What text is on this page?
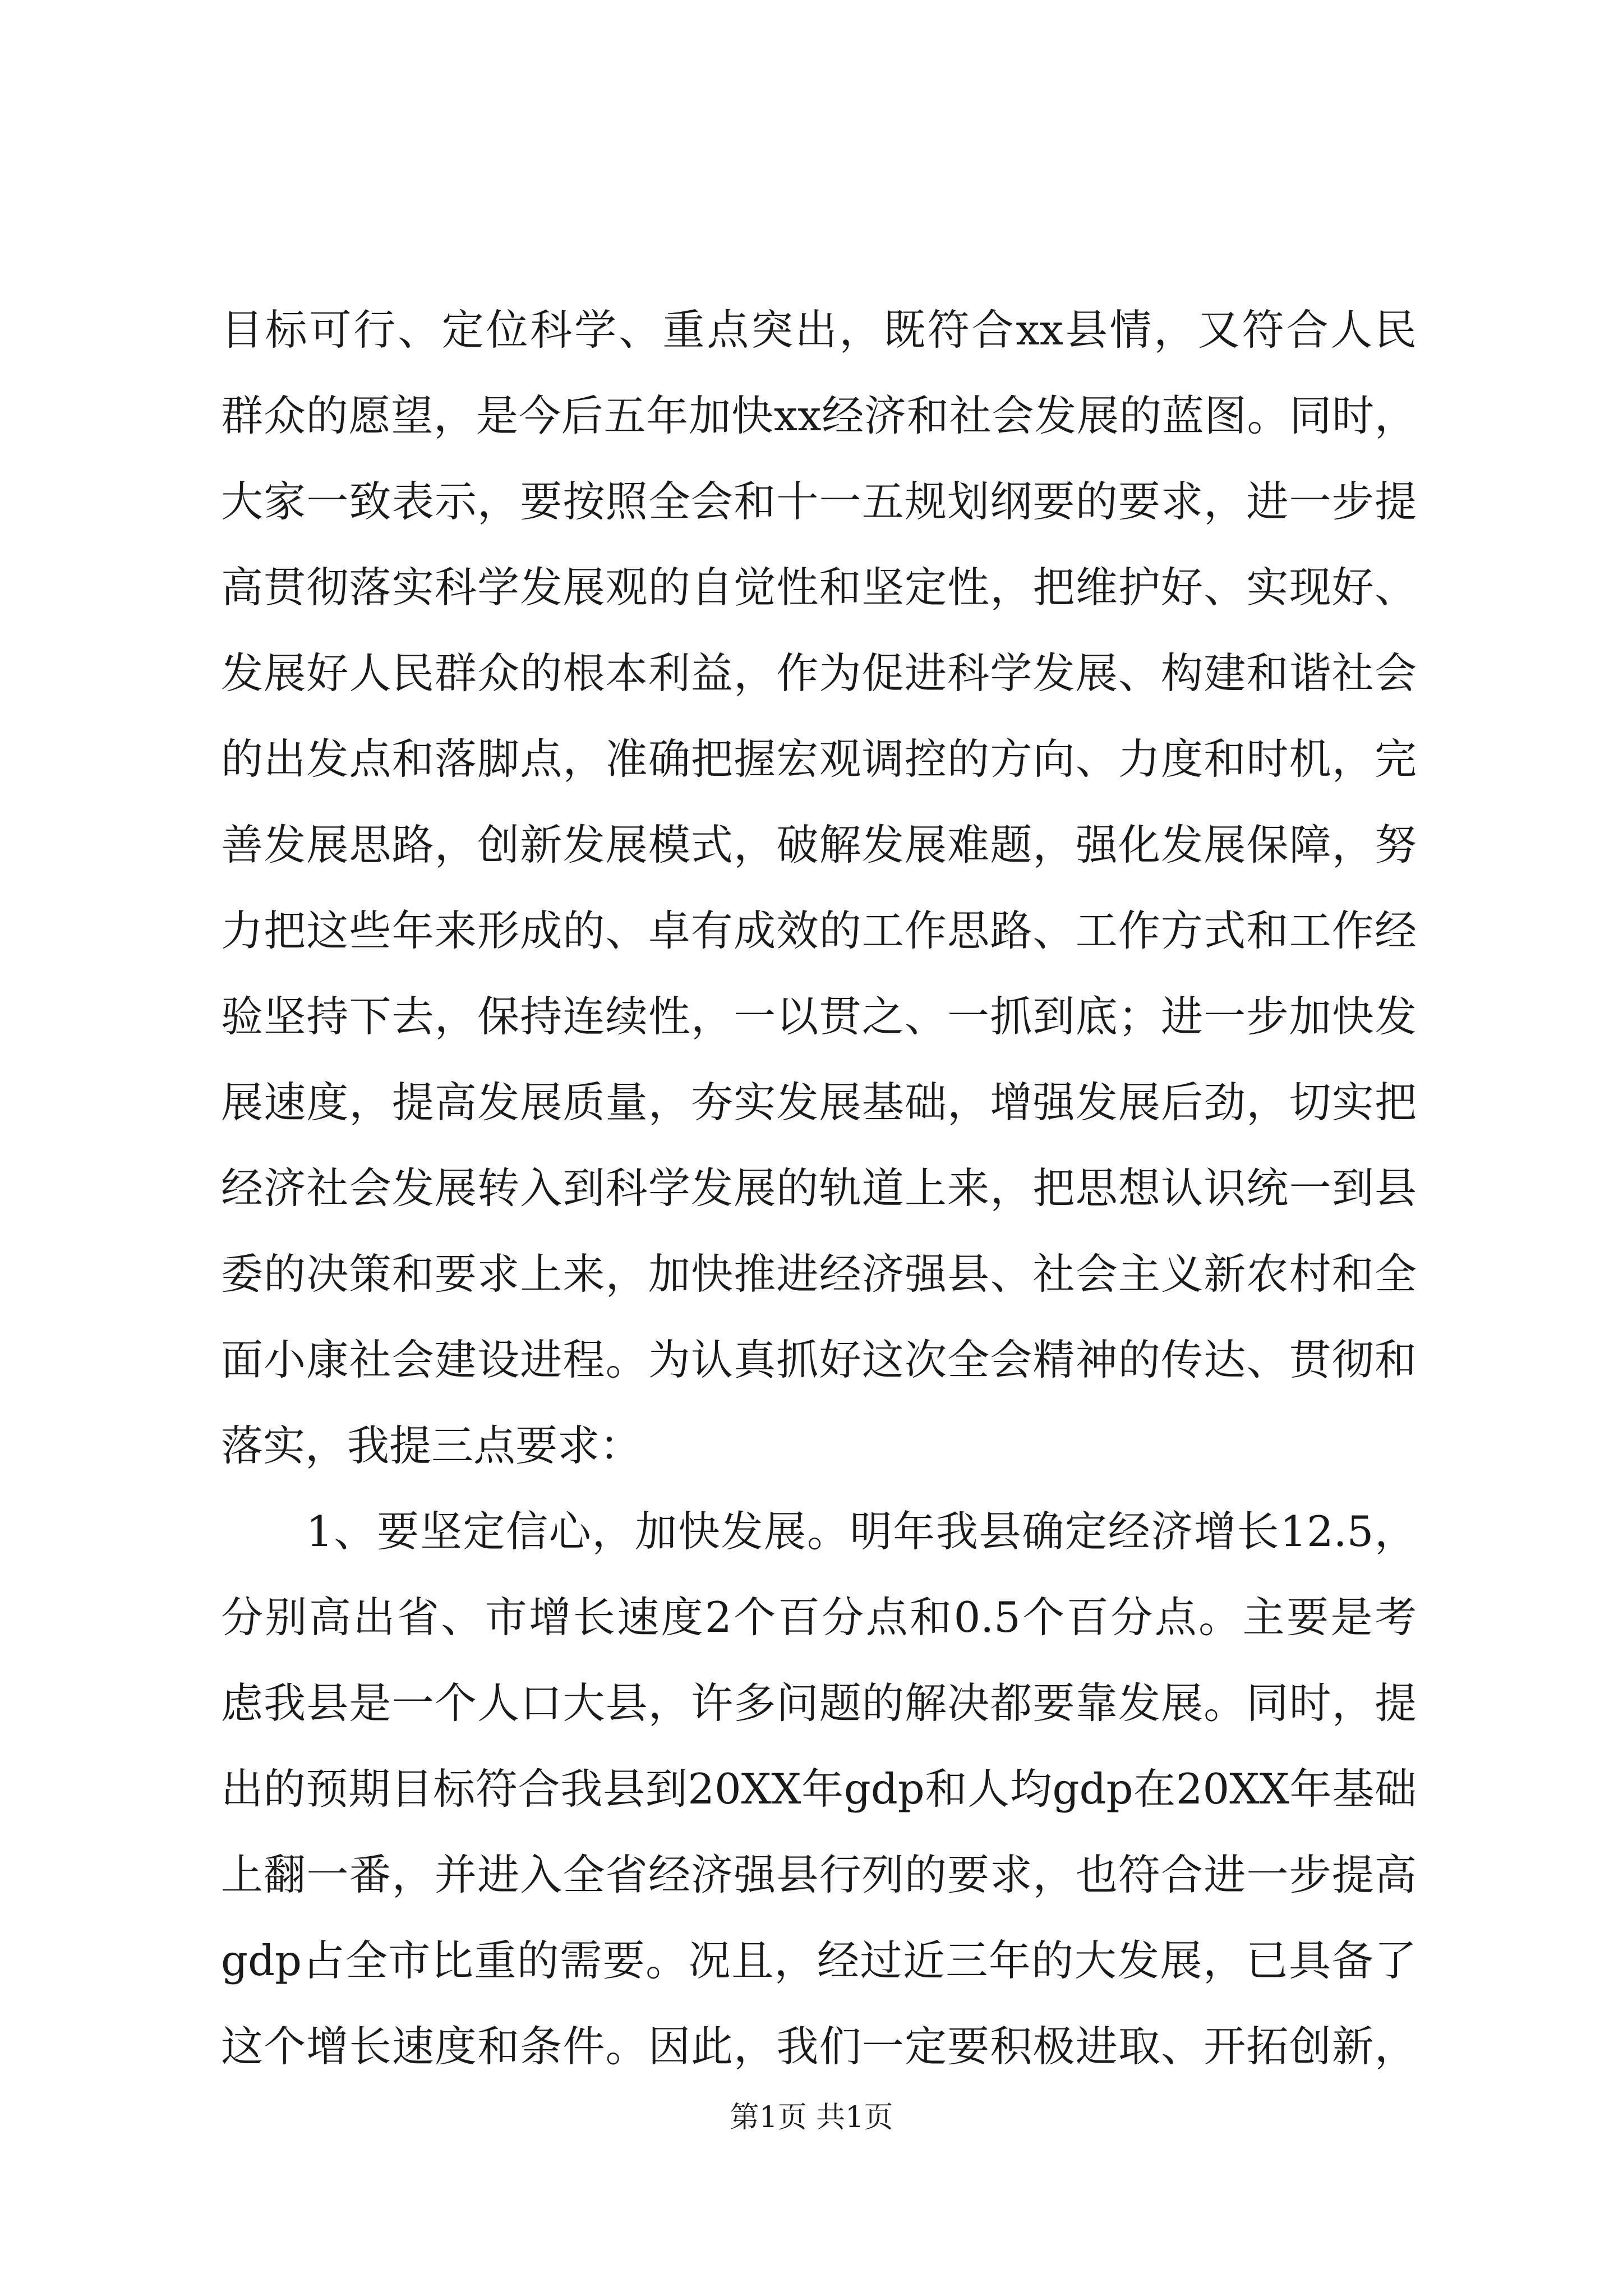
目标可行、定位科学、重点突出，既符合xx县情，又符合人民
群众的愿望，是今后五年加快xx经济和社会发展的蓝图。同时，
大家一致表示，要按照全会和十一五规划纲要的要求，进一步提
高贯彻落实科学发展观的自觉性和坚定性，把维护好、实现好、
发展好人民群众的根本利益，作为促进科学发展、构建和谐社会
的出发点和落脚点，准确把握宏观调控的方向、力度和时机，完
善发展思路，创新发展模式，破解发展难题，强化发展保障，努
力把这些年来形成的、卓有成效的工作思路、工作方式和工作经
验坚持下去，保持连续性，一以贯之、一抓到底；进一步加快发
展速度，提高发展质量，夯实发展基础，增强发展后劲，切实把
经济社会发展转入到科学发展的轨道上来，把思想认识统一到县
委的决策和要求上来，加快推进经济强县、社会主义新农村和全
面小康社会建设进程。为认真抓好这次全会精神的传达、贯彻和
落实，我提三点要求：
1、要坚定信心，加快发展。明年我县确定经济增长12.5，
分别高出省、市增长速度2个百分点和0.5个百分点。主要是考
虑我县是一个人口大县，许多问题的解决都要靠发展。同时，提
出的预期目标符合我县到20XX年gdp和人均gdp在20XX年基础
上翻一番，并进入全省经济强县行列的要求，也符合进一步提高
gdp占全市比重的需要。况且，经过近三年的大发展，已具备了
这个增长速度和条件。因此，我们一定要积极进取、开拓创新，
第1页 共1页
